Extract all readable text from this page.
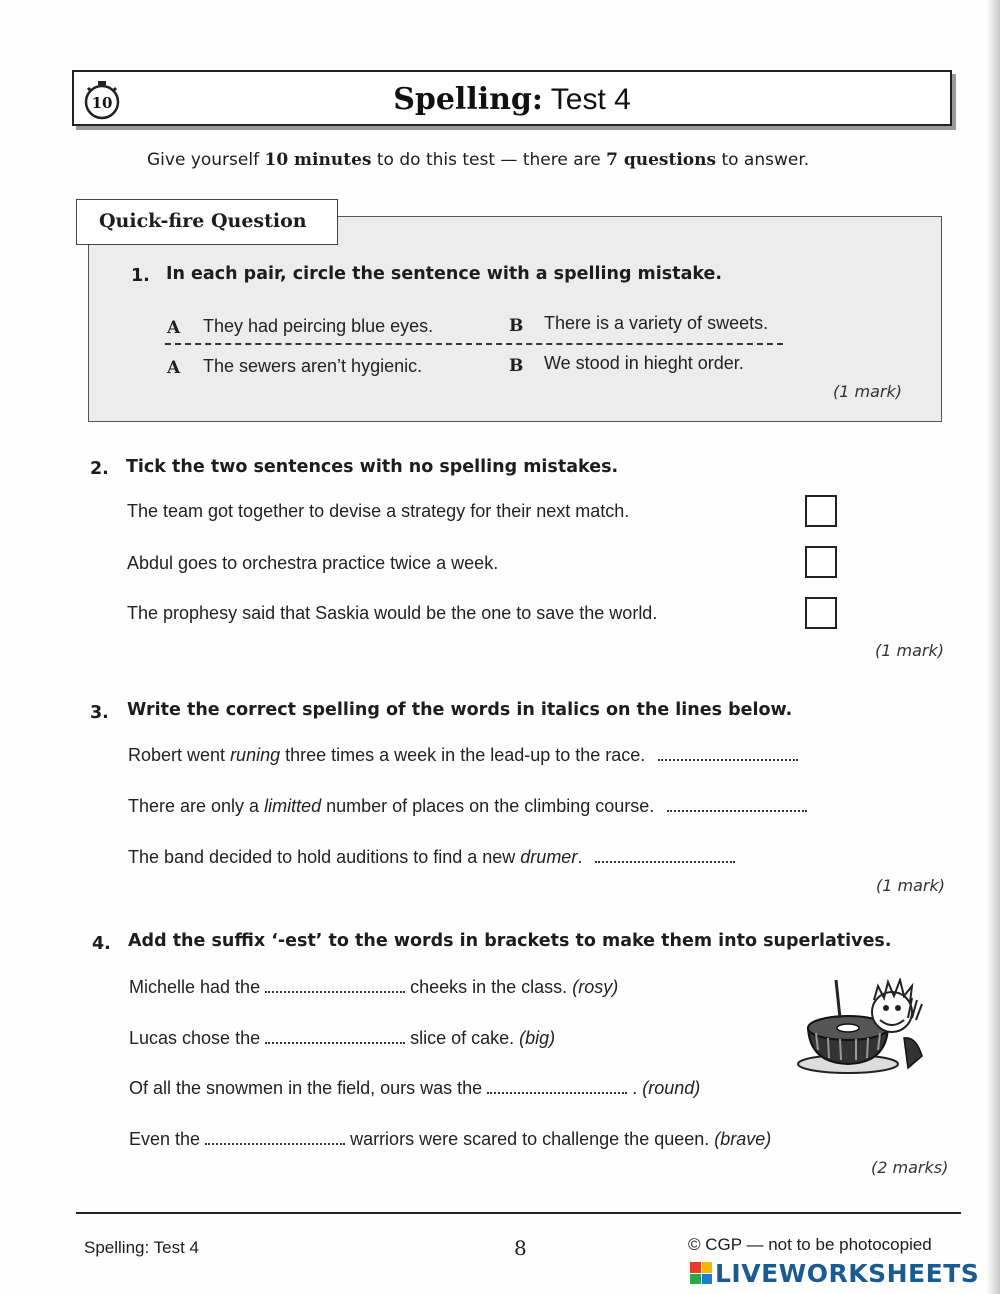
10	Spelling: Test 4
Give yourself 10 minutes to do this test — there are 7 questions to answer.
Quick-fire Question
1. In each pair, circle the sentence with a spelling mistake.
A They had peircing blue eyes.	B There is a variety of sweets.
A The sewers aren’t hygienic.	B We stood in hieght order.
(1 mark)
2. Tick the two sentences with no spelling mistakes.
The team got together to devise a strategy for their next match.
Abdul goes to orchestra practice twice a week.
The prophesy said that Saskia would be the one to save the world.
(1 mark)
3. Write the correct spelling of the words in italics on the lines below.
Robert went runing three times a week in the lead-up to the race.
There are only a limitted number of places on the climbing course.
The band decided to hold auditions to find a new drumer.
(1 mark)
4. Add the suffix ‘-est’ to the words in brackets to make them into superlatives.
Michelle had the	cheeks in the class. (rosy)
Lucas chose the	slice of cake. (big)
Of all the snowmen in the field, ours was the	. (round)
Even the	warriors were scared to challenge the queen. (brave)
(2 marks)
Spelling: Test 4	8	© CGP — not to be photocopied
LIVEWORKSHEETS
